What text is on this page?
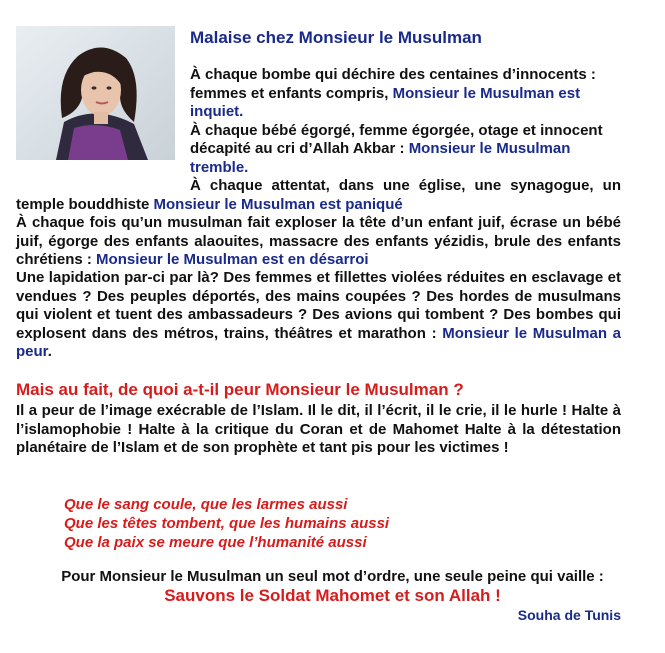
Malaise chez Monsieur le Musulman

À chaque bombe qui déchire des centaines d’innocents : femmes et enfants compris, Monsieur le Musulman est inquiet.

À chaque bébé égorgé, femme égorgée, otage et innocent décapité au cri d’Allah Akbar : Monsieur le Musulman tremble.

À chaque attentat, dans une église, une synagogue, un

temple bouddhiste Monsieur le Musulman est paniqué

À chaque fois qu’un musulman fait exploser la tête d’un enfant juif, écrase un bébé juif, égorge des enfants alaouites, massacre des enfants yézidis, brule des enfants chrétiens : Monsieur le Musulman est en désarroi

Une lapidation par-ci par là? Des femmes et fillettes violées réduites en esclavage et vendues ? Des peuples déportés, des mains coupées ? Des hordes de musulmans qui violent et tuent des ambassadeurs ? Des avions qui tombent ? Des bombes qui explosent dans des métros, trains, théâtres et marathon : Monsieur le Musulman a peur.

Mais au fait, de quoi a-t-il peur Monsieur le Musulman ?

Il a peur de l’image exécrable de l’Islam. Il le dit, il l’écrit, il le crie, il le hurle ! Halte à l’islamophobie ! Halte à la critique du Coran et de Mahomet Halte à la détestation planétaire de l’Islam et de son prophète et tant pis pour les victimes !

Que le sang coule, que les larmes aussi
Que les têtes tombent, que les humains aussi
Que la paix se meure que l’humanité aussi
Pour Monsieur le Musulman un seul mot d’ordre, une seule peine qui vaille :
Sauvons le Soldat Mahomet et son Allah !
Souha de Tunis
